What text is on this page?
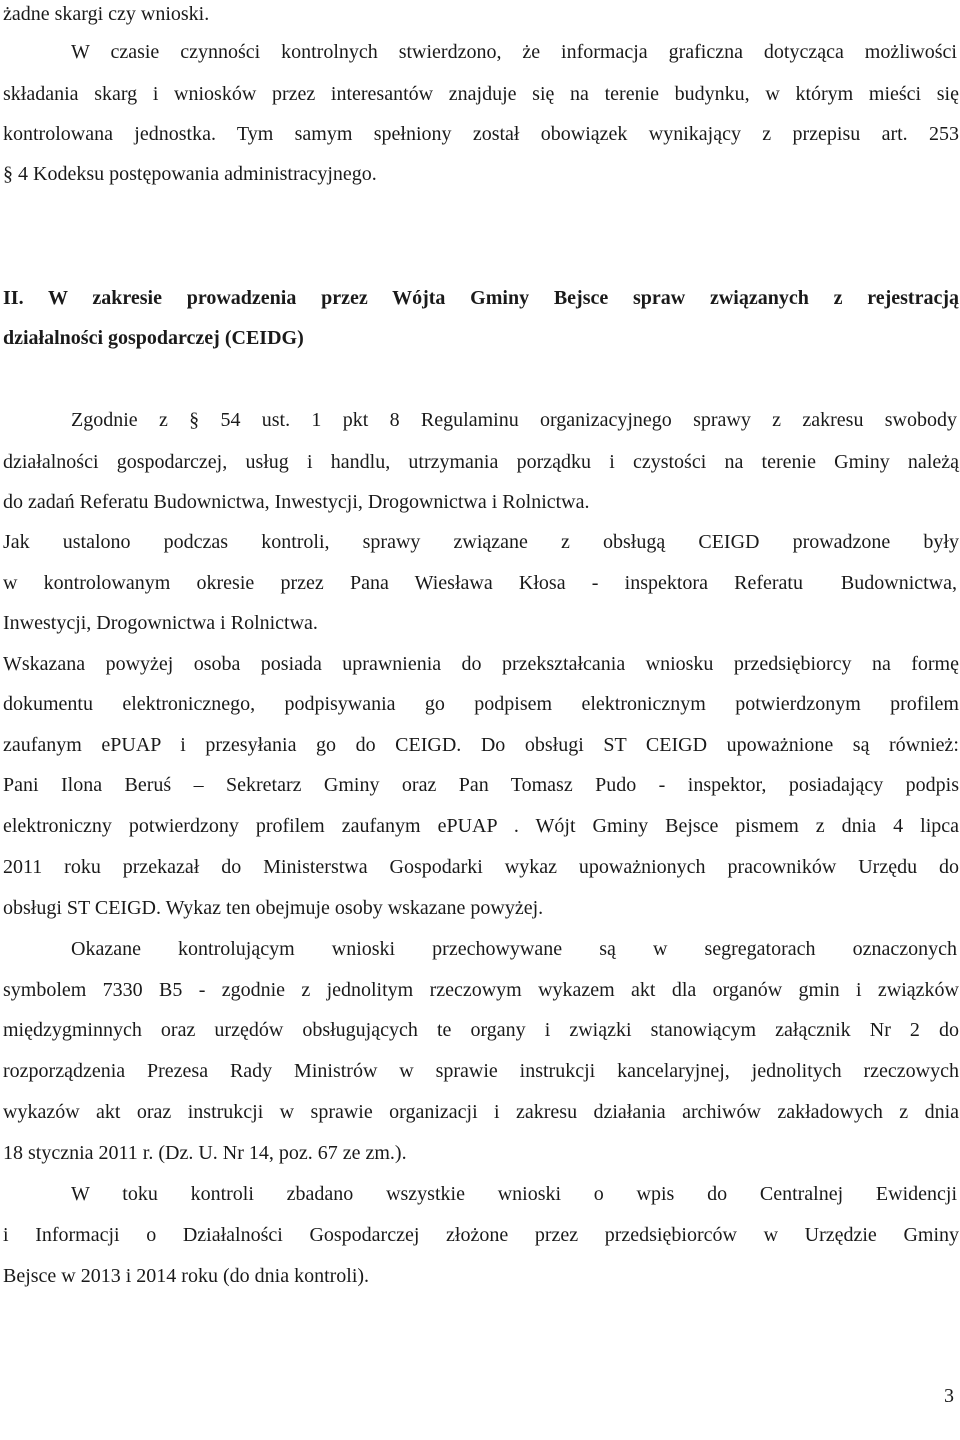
żadne skargi czy wnioski.
W czasie czynności kontrolnych stwierdzono, że informacja graficzna dotycząca możliwości
składania skarg i wniosków przez interesantów znajduje się na terenie budynku, w którym mieści się
kontrolowana jednostka. Tym samym spełniony został obowiązek wynikający z przepisu art. 253
§ 4 Kodeksu postępowania administracyjnego.
II. W zakresie prowadzenia przez Wójta Gminy Bejsce spraw związanych z rejestracją
działalności gospodarczej (CEIDG)
Zgodnie z § 54 ust. 1 pkt 8 Regulaminu organizacyjnego sprawy z zakresu swobody
działalności gospodarczej, usług i handlu, utrzymania porządku i czystości na terenie Gminy należą
do zadań Referatu Budownictwa, Inwestycji, Drogownictwa i Rolnictwa.
Jak ustalono podczas kontroli, sprawy związane z obsługą CEIGD prowadzone były
w kontrolowanym okresie przez Pana Wiesława Kłosa - inspektora Referatu	Budownictwa,
Inwestycji, Drogownictwa i Rolnictwa.
Wskazana powyżej osoba posiada uprawnienia do przekształcania wniosku przedsiębiorcy na formę
dokumentu elektronicznego, podpisywania go podpisem elektronicznym potwierdzonym profilem
zaufanym ePUAP i przesyłania go do CEIGD. Do obsługi ST CEIGD upoważnione są również:
Pani Ilona Beruś – Sekretarz Gminy oraz Pan Tomasz Pudo - inspektor, posiadający podpis
elektroniczny potwierdzony profilem zaufanym ePUAP . Wójt Gminy Bejsce pismem z dnia 4 lipca
2011 roku przekazał do Ministerstwa Gospodarki wykaz upoważnionych pracowników Urzędu do
obsługi ST CEIGD. Wykaz ten obejmuje osoby wskazane powyżej.
Okazane kontrolującym wnioski przechowywane są w segregatorach oznaczonych
symbolem 7330 B5 - zgodnie z jednolitym rzeczowym wykazem akt dla organów gmin i związków
międzygminnych oraz urzędów obsługujących te organy i związki stanowiącym załącznik Nr 2 do
rozporządzenia Prezesa Rady Ministrów w sprawie instrukcji kancelaryjnej, jednolitych rzeczowych
wykazów akt oraz instrukcji w sprawie organizacji i zakresu działania archiwów zakładowych z dnia
18 stycznia 2011 r. (Dz. U. Nr 14, poz. 67 ze zm.).
W toku kontroli zbadano wszystkie wnioski o wpis do Centralnej Ewidencji
i Informacji o Działalności Gospodarczej złożone przez przedsiębiorców w Urzędzie Gminy
Bejsce w 2013 i 2014 roku (do dnia kontroli).
3
